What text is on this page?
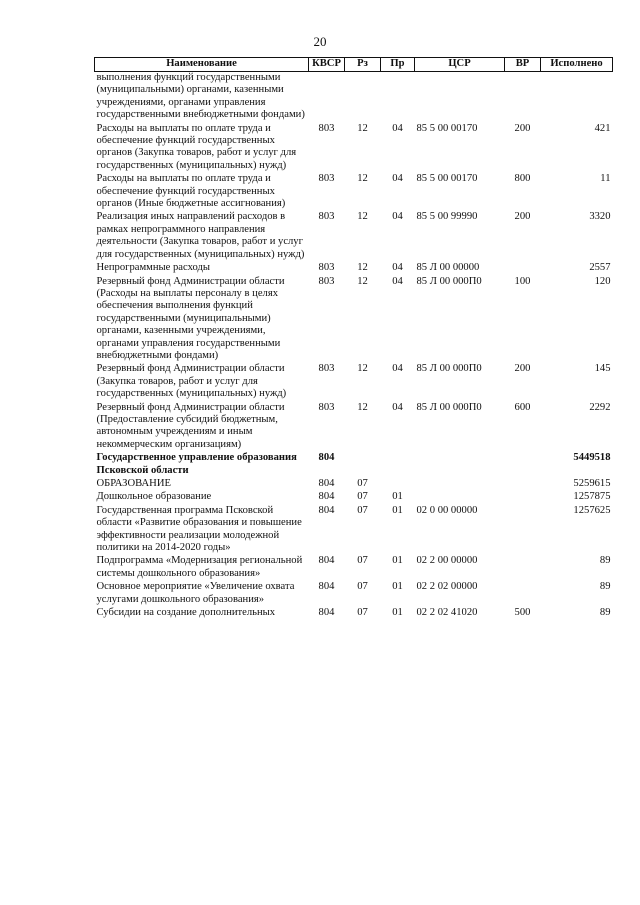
20
Наименование	КВСР	Рз	Пр	ЦСР	ВР	Исполнено
выполнения функций государственными (муниципальными) органами, казенными учреждениями, органами управления государственными внебюджетными фондами)						
Расходы на выплаты по оплате труда и обеспечение функций государственных органов (Закупка товаров, работ и услуг для государственных (муниципальных) нужд)	803	12	04	85 5 00 00170	200	421
Расходы на выплаты по оплате труда и обеспечение функций государственных органов (Иные бюджетные ассигнования)	803	12	04	85 5 00 00170	800	11
Реализация иных направлений расходов в рамках непрограммного направления деятельности (Закупка товаров, работ и услуг для государственных (муниципальных) нужд)	803	12	04	85 5 00 99990	200	3320
Непрограммные расходы	803	12	04	85 Л 00 00000		2557
Резервный фонд Администрации области (Расходы на выплаты персоналу в целях обеспечения выполнения функций государственными (муниципальными) органами, казенными учреждениями, органами управления государственными внебюджетными фондами)	803	12	04	85 Л 00 000П0	100	120
Резервный фонд Администрации области (Закупка товаров, работ и услуг для государственных (муниципальных) нужд)	803	12	04	85 Л 00 000П0	200	145
Резервный фонд Администрации области (Предоставление субсидий бюджетным, автономным учреждениям и иным некоммерческим организациям)	803	12	04	85 Л 00 000П0	600	2292
Государственное управление образования Псковской области	804					5449518
ОБРАЗОВАНИЕ	804	07				5259615
Дошкольное образование	804	07	01			1257875
Государственная программа Псковской области «Развитие образования и повышение эффективности реализации молодежной политики на 2014-2020 годы»	804	07	01	02 0 00 00000		1257625
Подпрограмма «Модернизация региональной системы дошкольного образования»	804	07	01	02 2 00 00000		89
Основное мероприятие «Увеличение охвата услугами дошкольного образования»	804	07	01	02 2 02 00000		89
Субсидии на создание дополнительных	804	07	01	02 2 02 41020	500	89
